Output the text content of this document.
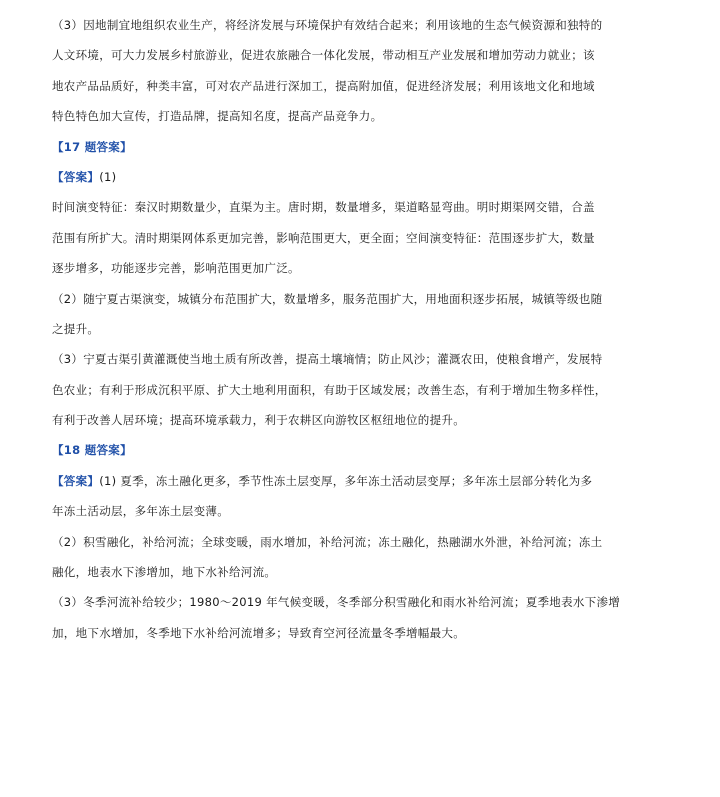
（3）因地制宜地组织农业生产，将经济发展与环境保护有效结合起来；利用该地的生态气候资源和独特的
人文环境，可大力发展乡村旅游业，促进农旅融合一体化发展，带动相互产业发展和增加劳动力就业；该
地农产品品质好，种类丰富，可对农产品进行深加工，提高附加值，促进经济发展；利用该地文化和地域
特色特色加大宣传，打造品牌，提高知名度，提高产品竞争力。
【17 题答案】
【答案】(1)
时间演变特征：秦汉时期数量少，直渠为主。唐时期，数量增多，渠道略显弯曲。明时期渠网交错，合盖
范围有所扩大。清时期渠网体系更加完善，影响范围更大，更全面；空间演变特征：范围逐步扩大，数量
逐步增多，功能逐步完善，影响范围更加广泛。
（2）随宁夏古渠演变，城镇分布范围扩大，数量增多，服务范围扩大，用地面积逐步拓展，城镇等级也随
之提升。
（3）宁夏古渠引黄灌溉使当地土质有所改善，提高土壤墒情；防止风沙；灌溉农田，使粮食增产，发展特
色农业；有利于形成沉积平原、扩大土地利用面积，有助于区域发展；改善生态，有利于增加生物多样性，
有利于改善人居环境；提高环境承载力，利于农耕区向游牧区枢纽地位的提升。
【18 题答案】
【答案】(1) 夏季，冻土融化更多，季节性冻土层变厚，多年冻土活动层变厚；多年冻土层部分转化为多
年冻土活动层，多年冻土层变薄。
（2）积雪融化，补给河流；全球变暖，雨水增加，补给河流；冻土融化，热融湖水外泄，补给河流；冻土
融化，地表水下渗增加，地下水补给河流。
（3）冬季河流补给较少；1980～2019 年气候变暖，冬季部分积雪融化和雨水补给河流；夏季地表水下渗增
加，地下水增加，冬季地下水补给河流增多；导致育空河径流量冬季增幅最大。
